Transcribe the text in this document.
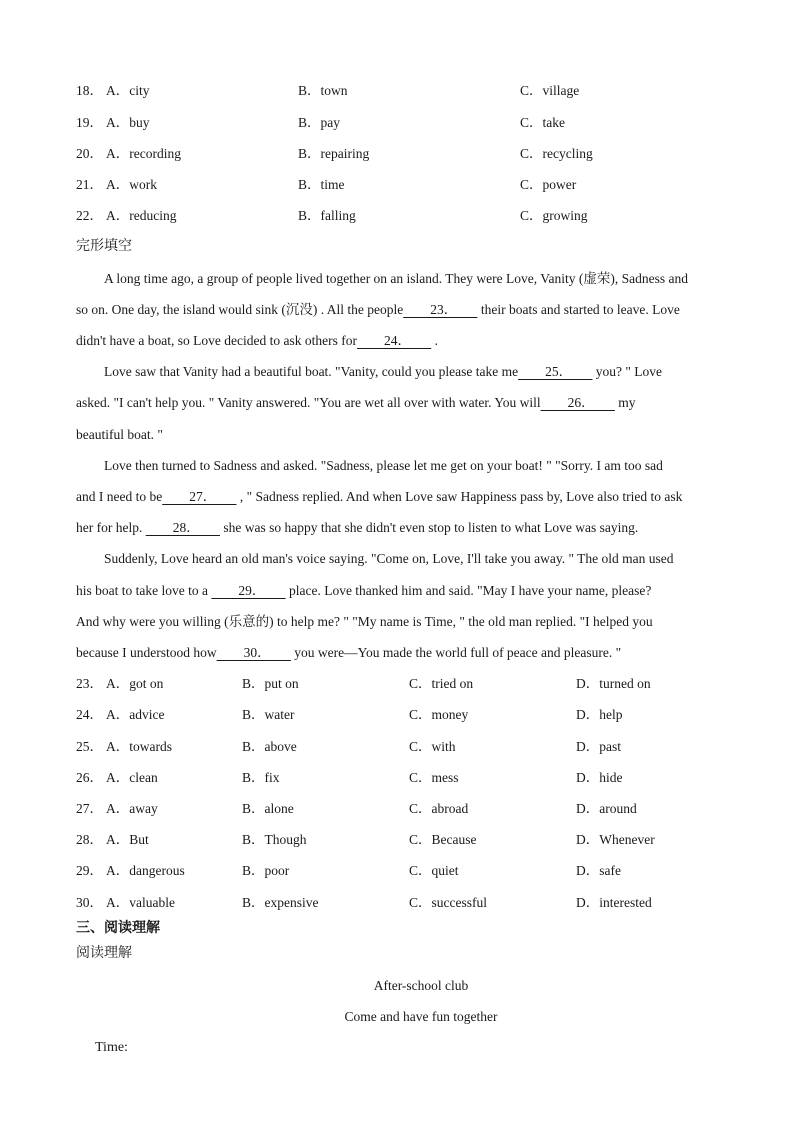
18． A．city	B．town	C．village
19． A．buy	B．pay	C．take
20． A．recording	B．repairing	C．recycling
21． A．work	B．time	C．power
22． A．reducing	B．falling	C．growing
完形填空
A long time ago, a group of people lived together on an island. They were Love, Vanity (虚荣), Sadness and
so on. One day, the island would sink (沉没) . All the people　　23．　　 their boats and started to leave. Love
didn't have a boat, so Love decided to ask others for　　24．　　 .
Love saw that Vanity had a beautiful boat. "Vanity, could you please take me　　25．　　 you? " Love
asked. "I can't help you. " Vanity answered. "You are wet all over with water. You will　　26．　　 my
beautiful boat. "
Love then turned to Sadness and asked. "Sadness, please let me get on your boat! " "Sorry. I am too sad
and I need to be　　27．　　 , " Sadness replied. And when Love saw Happiness pass by, Love also tried to ask
her for help. 　　28．　　 she was so happy that she didn't even stop to listen to what Love was saying.
Suddenly, Love heard an old man's voice saying. "Come on, Love, I'll take you away. " The old man used
his boat to take love to a 　　29．　　 place. Love thanked him and said. "May I have your name, please?
And why were you willing (乐意的) to help me? " "My name is Time, " the old man replied. "I helped you
because I understood how　　30．　　 you were—You made the world full of peace and pleasure. "
23． A．got on	B．put on	C．tried on	D．turned on
24． A．advice	B．water	C．money	D．help
25． A．towards	B．above	C．with	D．past
26． A．clean	B．fix	C．mess	D．hide
27． A．away	B．alone	C．abroad	D．around
28． A．But	B．Though	C．Because	D．Whenever
29． A．dangerous	B．poor	C．quiet	D．safe
30． A．valuable	B．expensive	C．successful	D．interested
三、阅读理解
阅读理解
After-school club
Come and have fun together
Time:
